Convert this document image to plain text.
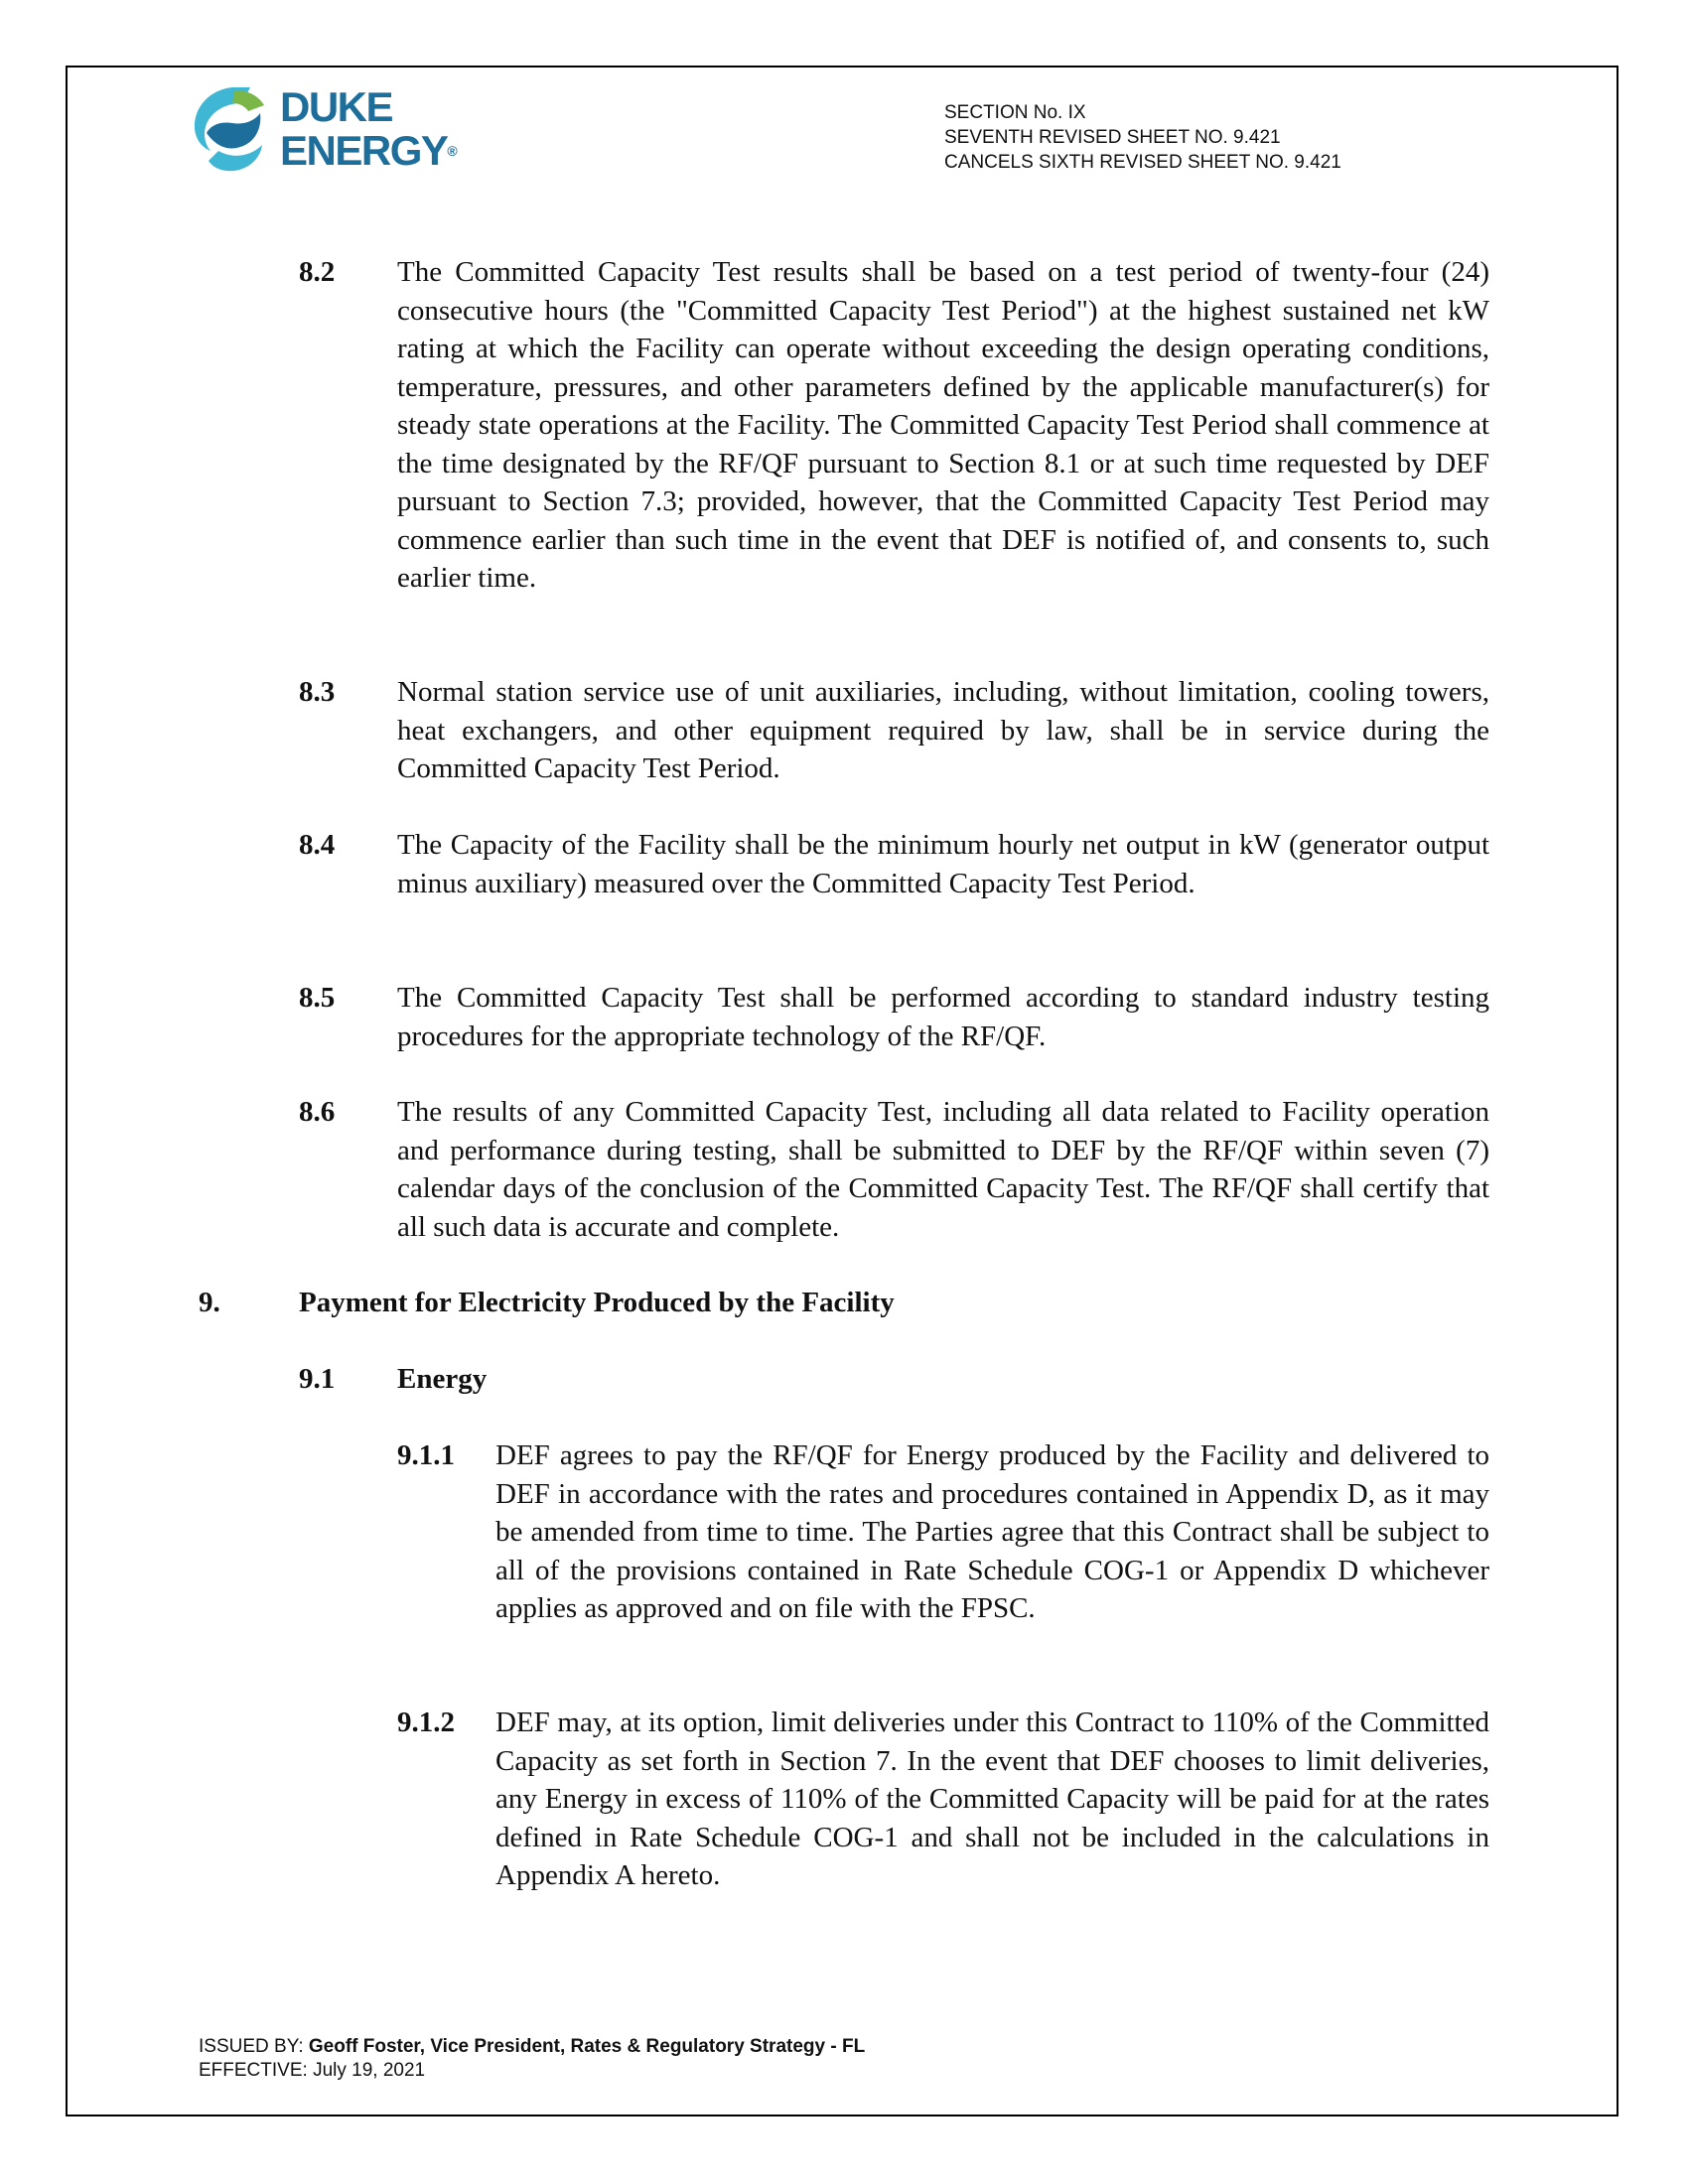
DUKE
ENERGY®
SECTION No. IX
SEVENTH REVISED SHEET NO. 9.421
CANCELS SIXTH REVISED SHEET NO. 9.421
8.2 The Committed Capacity Test results shall be based on a test period of twenty-four (24) consecutive hours (the "Committed Capacity Test Period") at the highest sustained net kW rating at which the Facility can operate without exceeding the design operating conditions, temperature, pressures, and other parameters defined by the applicable manufacturer(s) for steady state operations at the Facility. The Committed Capacity Test Period shall commence at the time designated by the RF/QF pursuant to Section 8.1 or at such time requested by DEF pursuant to Section 7.3; provided, however, that the Committed Capacity Test Period may commence earlier than such time in the event that DEF is notified of, and consents to, such earlier time.
8.3 Normal station service use of unit auxiliaries, including, without limitation, cooling towers, heat exchangers, and other equipment required by law, shall be in service during the Committed Capacity Test Period.
8.4 The Capacity of the Facility shall be the minimum hourly net output in kW (generator output minus auxiliary) measured over the Committed Capacity Test Period.
8.5 The Committed Capacity Test shall be performed according to standard industry testing procedures for the appropriate technology of the RF/QF.
8.6 The results of any Committed Capacity Test, including all data related to Facility operation and performance during testing, shall be submitted to DEF by the RF/QF within seven (7) calendar days of the conclusion of the Committed Capacity Test. The RF/QF shall certify that all such data is accurate and complete.
9.	Payment for Electricity Produced by the Facility
9.1 Energy
9.1.1 DEF agrees to pay the RF/QF for Energy produced by the Facility and delivered to DEF in accordance with the rates and procedures contained in Appendix D, as it may be amended from time to time. The Parties agree that this Contract shall be subject to all of the provisions contained in Rate Schedule COG-1 or Appendix D whichever applies as approved and on file with the FPSC.
9.1.2 DEF may, at its option, limit deliveries under this Contract to 110% of the Committed Capacity as set forth in Section 7. In the event that DEF chooses to limit deliveries, any Energy in excess of 110% of the Committed Capacity will be paid for at the rates defined in Rate Schedule COG-1 and shall not be included in the calculations in Appendix A hereto.
ISSUED BY: Geoff Foster, Vice President, Rates & Regulatory Strategy - FL
EFFECTIVE: July 19, 2021
